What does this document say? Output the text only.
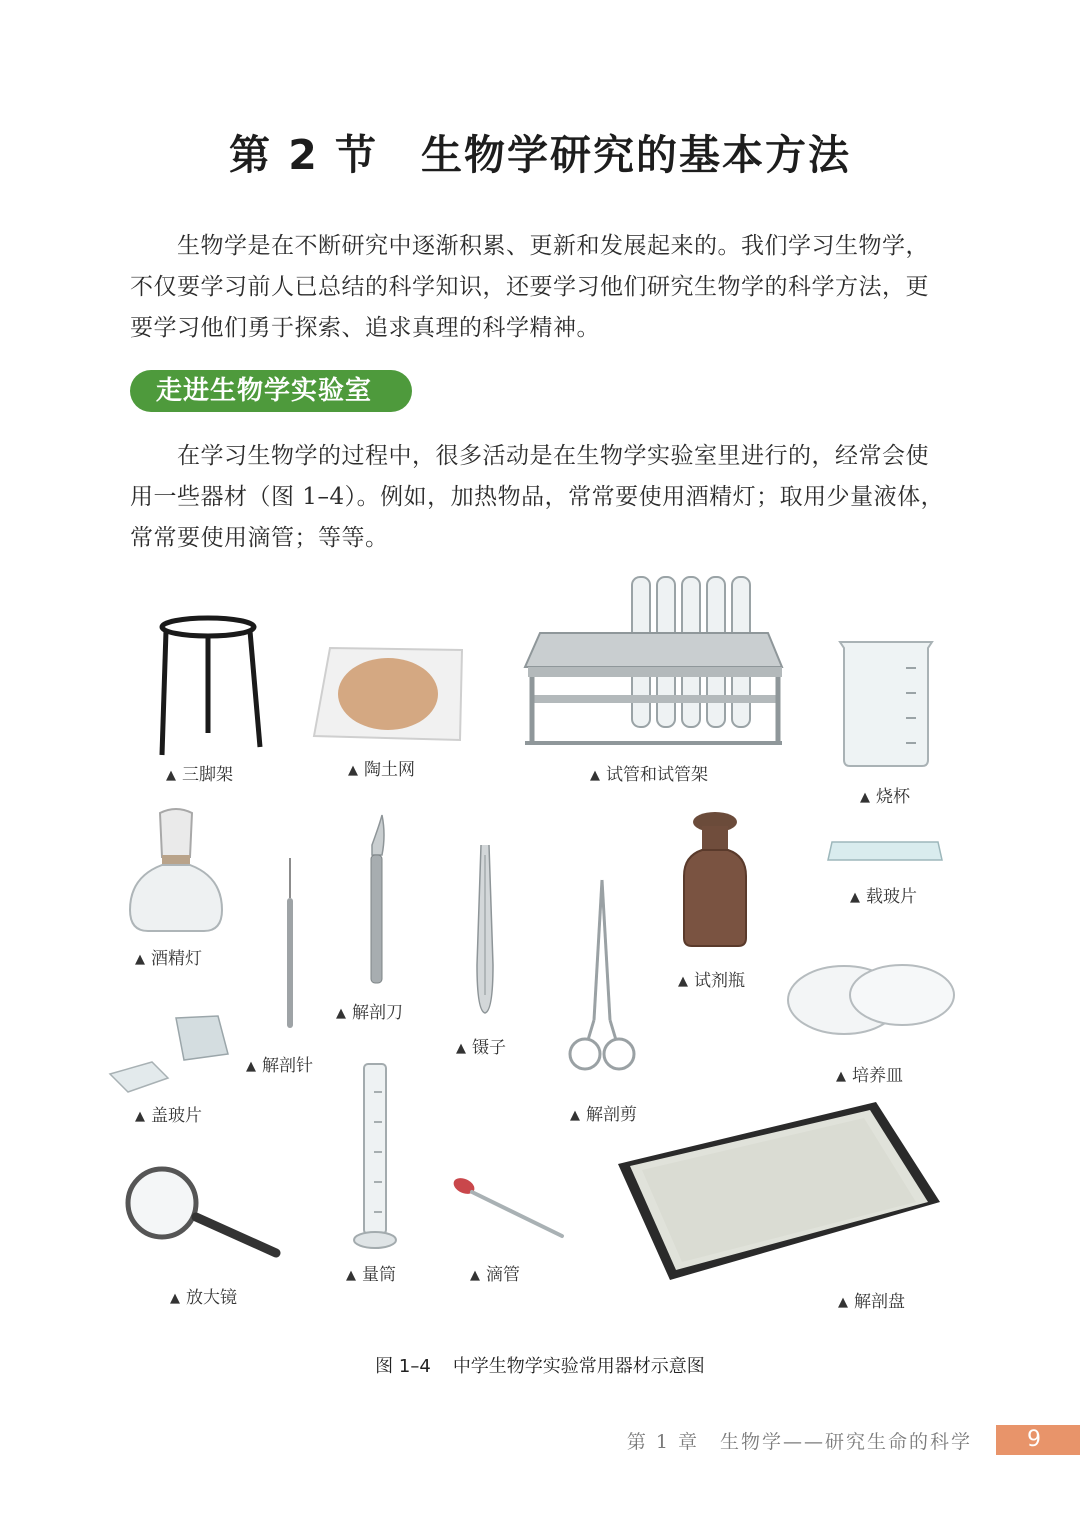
第 2 节　生物学研究的基本方法

　　生物学是在不断研究中逐渐积累、更新和发展起来的。我们学习生物学，
不仅要学习前人已总结的科学知识，还要学习他们研究生物学的科学方法，更
要学习他们勇于探索、追求真理的科学精神。

走进生物学实验室

　　在学习生物学的过程中，很多活动是在生物学实验室里进行的，经常会使
用一些器材（图 1–4）。例如，加热物品，常常要使用酒精灯；取用少量液体，
常常要使用滴管；等等。

▲ 三脚架	▲ 陶土网	▲ 试管和试管架
▲ 烧杯
▲ 酒精灯
▲ 解剖针
▲ 解剖刀
▲ 镊子
▲ 解剖剪
▲ 试剂瓶
▲ 载玻片
▲ 培养皿
▲ 盖玻片
▲ 放大镜
▲ 量筒	▲ 滴管
▲ 解剖盘
图 1–4 中学生物学实验常用器材示意图
第 1 章　生物学——研究生命的科学	9
